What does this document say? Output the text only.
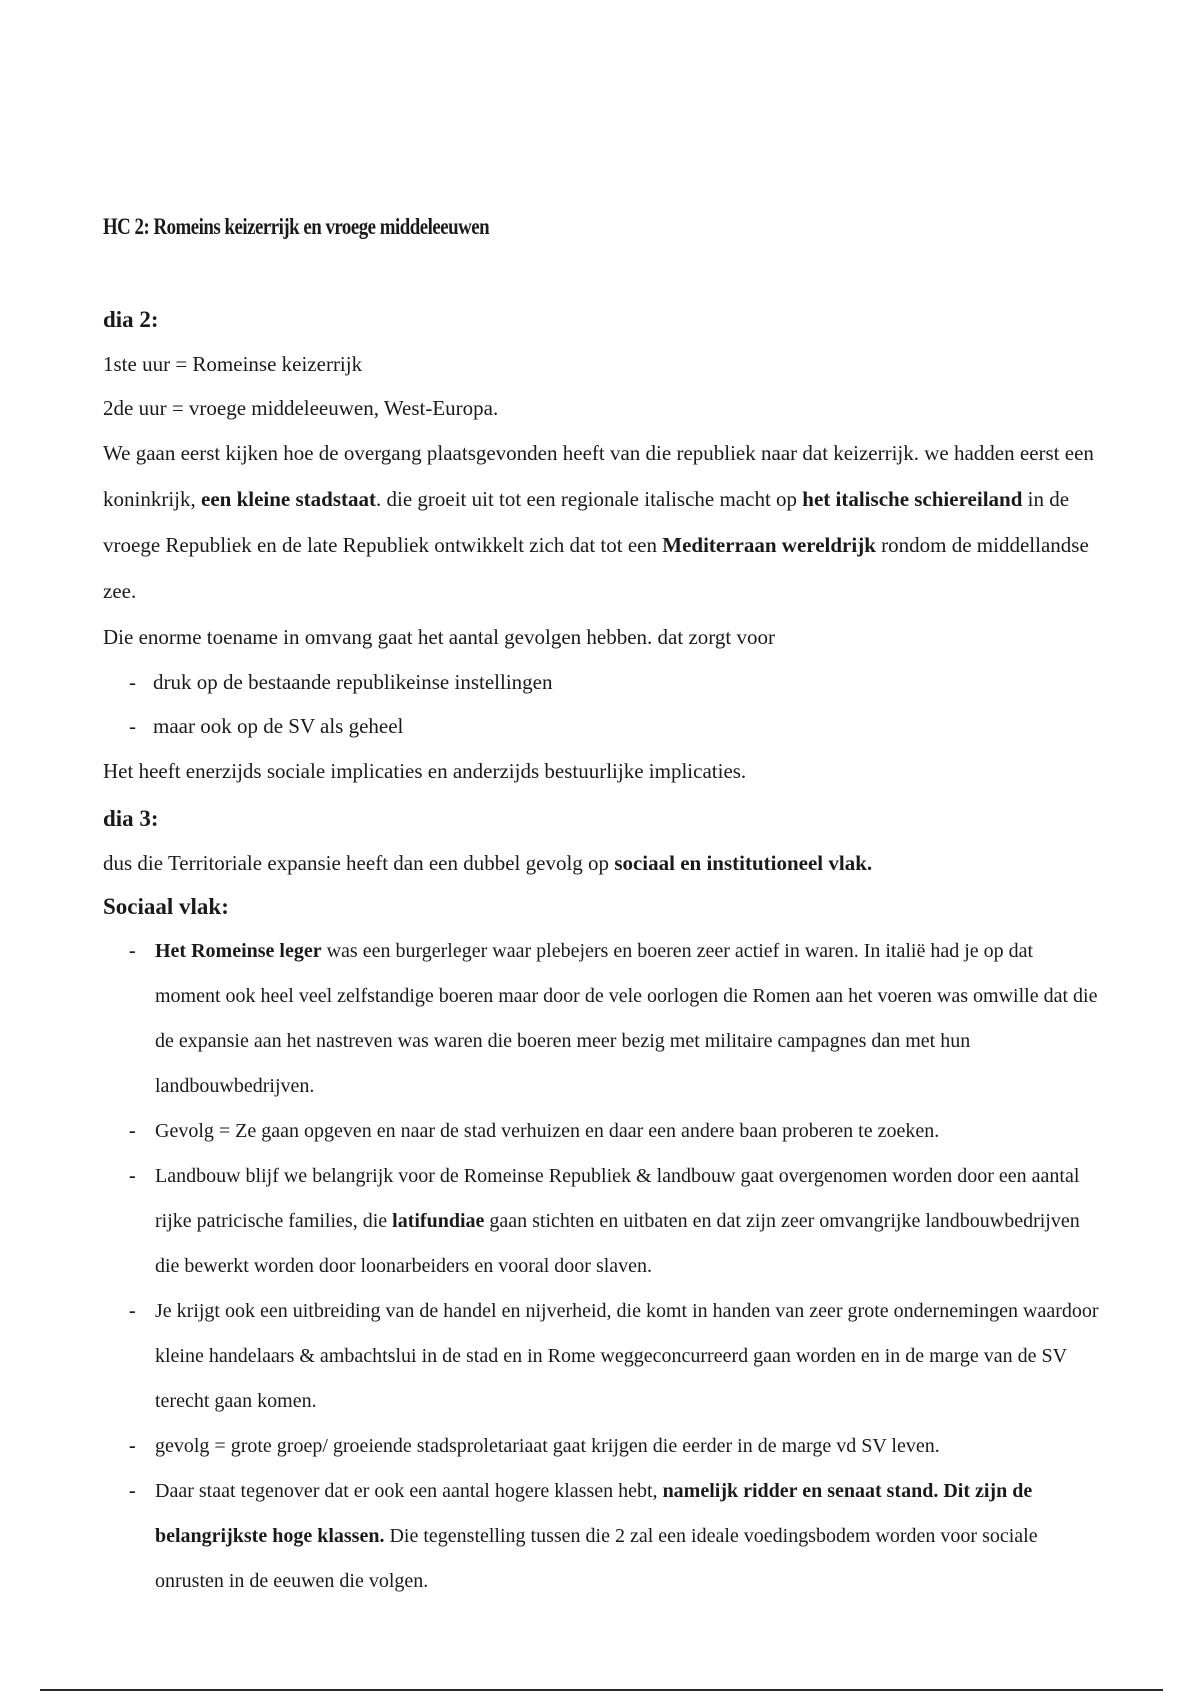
HC 2: Romeins keizerrijk en vroege middeleeuwen
dia 2:

1ste uur = Romeinse keizerrijk

2de uur = vroege middeleeuwen, West-Europa.

We gaan eerst kijken hoe de overgang plaatsgevonden heeft van die republiek naar dat keizerrijk. we hadden eerst een koninkrijk, een kleine stadstaat. die groeit uit tot een regionale italische macht op het italische schiereiland in de vroege Republiek en de late Republiek ontwikkelt zich dat tot een Mediterraan wereldrijk rondom de middellandse zee.

Die enorme toename in omvang gaat het aantal gevolgen hebben. dat zorgt voor

- druk op de bestaande republikeinse instellingen
- maar ook op de SV als geheel

Het heeft enerzijds sociale implicaties en anderzijds bestuurlijke implicaties.

dia 3:

dus die Territoriale expansie heeft dan een dubbel gevolg op sociaal en institutioneel vlak.

Sociaal vlak:
- Het Romeinse leger was een burgerleger waar plebejers en boeren zeer actief in waren. In italië had je op dat moment ook heel veel zelfstandige boeren maar door de vele oorlogen die Romen aan het voeren was omwille dat die de expansie aan het nastreven was waren die boeren meer bezig met militaire campagnes dan met hun landbouwbedrijven.
- Gevolg = Ze gaan opgeven en naar de stad verhuizen en daar een andere baan proberen te zoeken.
- Landbouw blijf we belangrijk voor de Romeinse Republiek & landbouw gaat overgenomen worden door een aantal rijke patricische families, die latifundiae gaan stichten en uitbaten en dat zijn zeer omvangrijke landbouwbedrijven die bewerkt worden door loonarbeiders en vooral door slaven.
- Je krijgt ook een uitbreiding van de handel en nijverheid, die komt in handen van zeer grote ondernemingen waardoor kleine handelaars & ambachtslui in de stad en in Rome weggeconcurreerd gaan worden en in de marge van de SV terecht gaan komen.
- gevolg = grote groep/ groeiende stadsproletariaat gaat krijgen die eerder in de marge vd SV leven.
- Daar staat tegenover dat er ook een aantal hogere klassen hebt, namelijk ridder en senaat stand. Dit zijn de belangrijkste hoge klassen. Die tegenstelling tussen die 2 zal een ideale voedingsbodem worden voor sociale onrusten in de eeuwen die volgen.
